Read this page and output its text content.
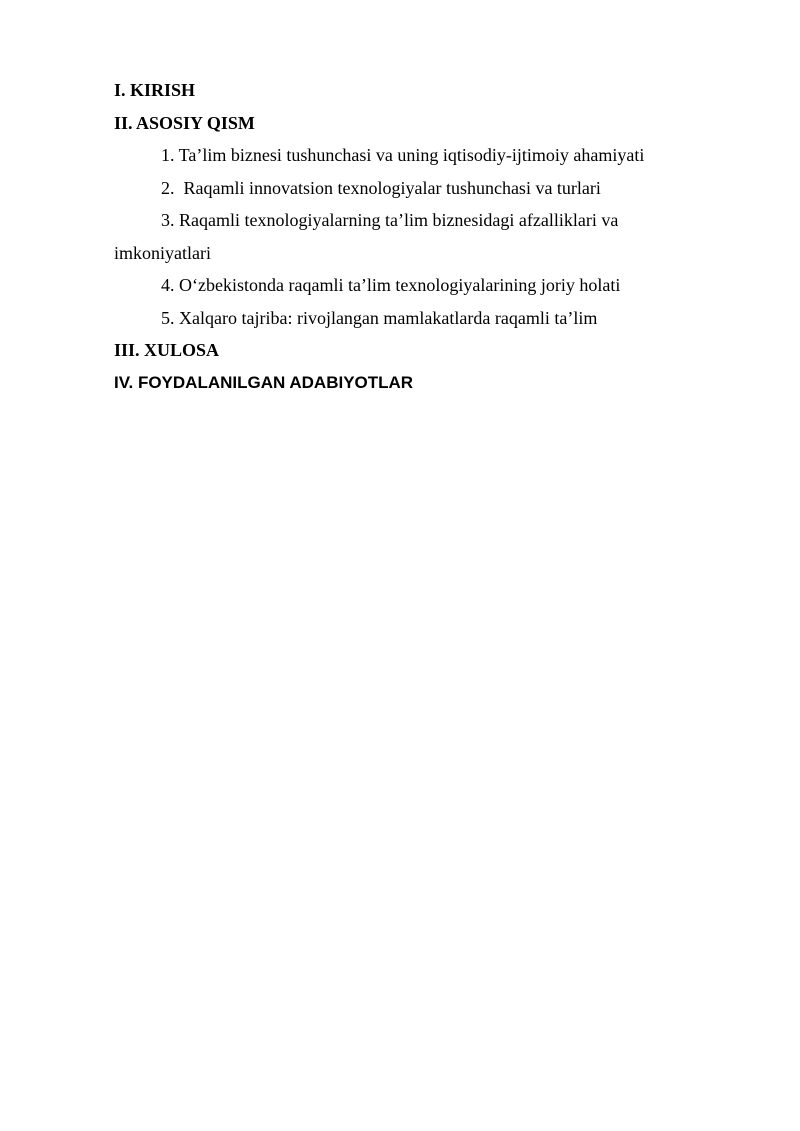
I. KIRISH
II. ASOSIY QISM
1. Ta’lim biznesi tushunchasi va uning iqtisodiy-ijtimoiy ahamiyati
2.  Raqamli innovatsion texnologiyalar tushunchasi va turlari
3. Raqamli texnologiyalarning ta’lim biznesidagi afzalliklari va imkoniyatlari
4. O‘zbekistonda raqamli ta’lim texnologiyalarining joriy holati
5. Xalqaro tajriba: rivojlangan mamlakatlarda raqamli ta’lim
III. XULOSA
IV. FOYDALANILGAN ADABIYOTLAR
